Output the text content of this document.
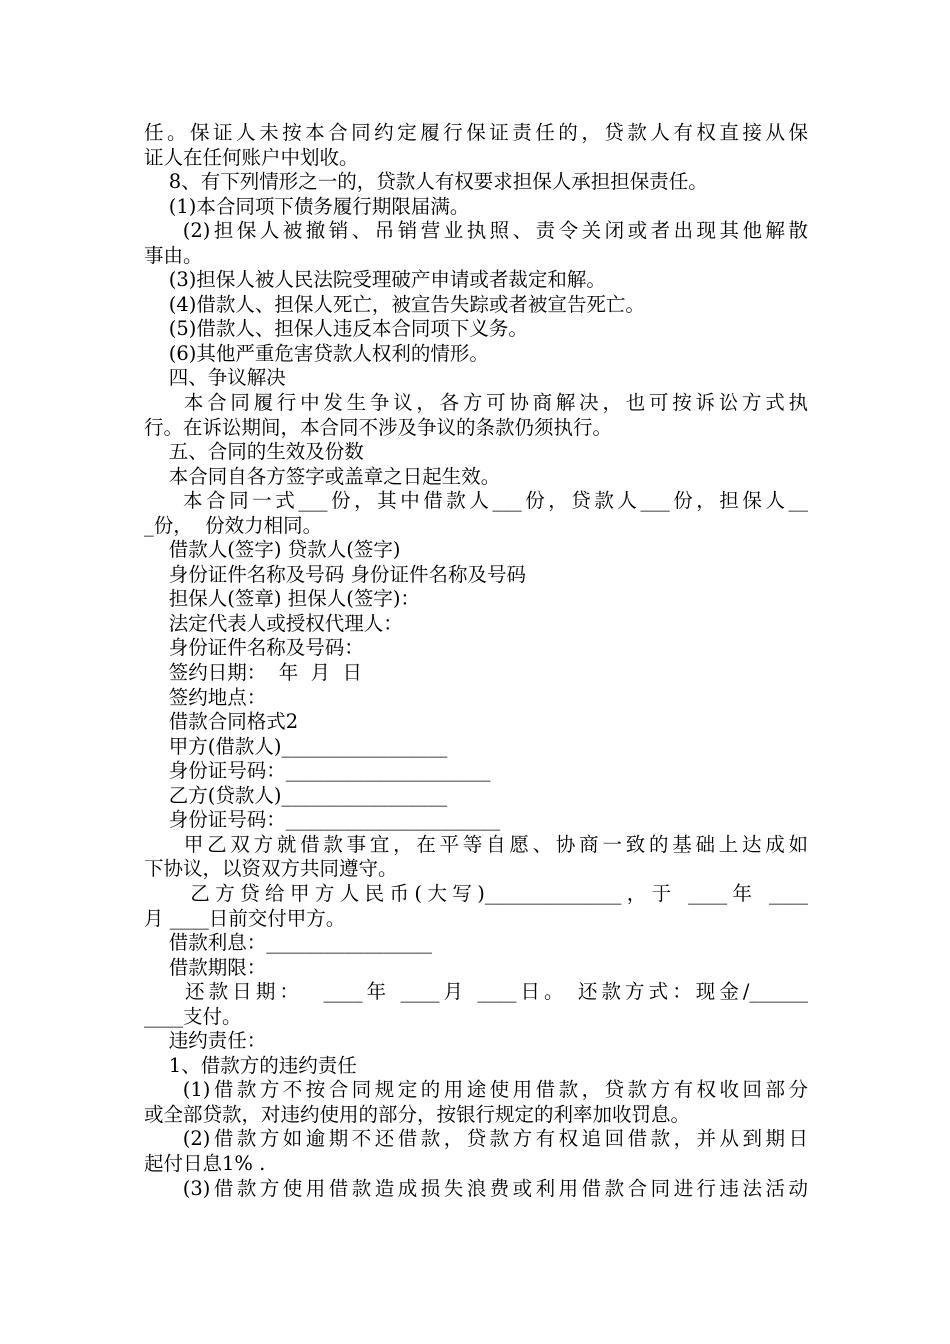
任。保证人未按本合同约定履行保证责任的，贷款人有权直接从保
证人在任何账户中划收。
8、有下列情形之一的，贷款人有权要求担保人承担担保责任。
(1)本合同项下债务履行期限届满。
(2)担保人被撤销、吊销营业执照、责令关闭或者出现其他解散
事由。
(3)担保人被人民法院受理破产申请或者裁定和解。
(4)借款人、担保人死亡，被宣告失踪或者被宣告死亡。
(5)借款人、担保人违反本合同项下义务。
(6)其他严重危害贷款人权利的情形。
四、争议解决
本合同履行中发生争议，各方可协商解决，也可按诉讼方式执
行。在诉讼期间，本合同不涉及争议的条款仍须执行。
五、合同的生效及份数
本合同自各方签字或盖章之日起生效。
本合同一式___份，其中借款人___份，贷款人___份，担保人__
_份，  份效力相同。
借款人(签字) 贷款人(签字)
身份证件名称及号码 身份证件名称及号码
担保人(签章) 担保人(签字)：
法定代表人或授权代理人：
身份证件名称及号码：
签约日期：  年  月  日
签约地点：
借款合同格式2
甲方(借款人)_________________
身份证号码：_____________________
乙方(贷款人)_________________
身份证号码：______________________
甲乙双方就借款事宜，在平等自愿、协商一致的基础上达成如
下协议，以资双方共同遵守。
乙方贷给甲方人民币(大写)______________，于 ____年 ____
月 ____日前交付甲方。
借款利息：_________________
借款期限：
还款日期：  ____年 ____月 ____日。 还款方式：现金/______
____支付。
违约责任：
1、借款方的违约责任
(1)借款方不按合同规定的用途使用借款，贷款方有权收回部分
或全部贷款，对违约使用的部分，按银行规定的利率加收罚息。
(2)借款方如逾期不还借款，贷款方有权追回借款，并从到期日
起付日息1% .
(3)借款方使用借款造成损失浪费或利用借款合同进行违法活动
